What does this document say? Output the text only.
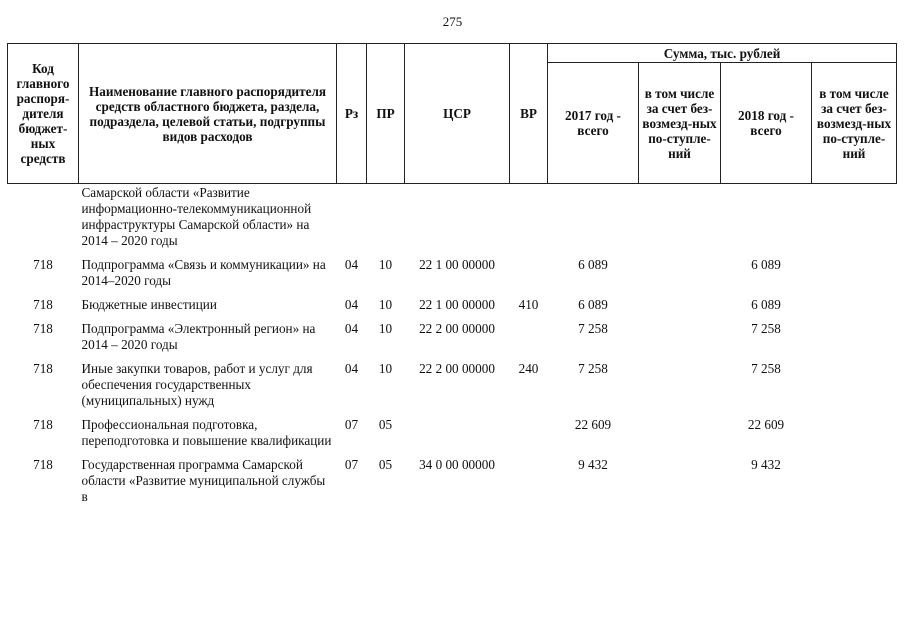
275
Код главного распоря-дителя бюджет-ных средств	Наименование главного распорядителя средств областного бюджета, раздела, подраздела, целевой статьи, подгруппы видов расходов	Рз	ПР	ЦСР	ВР	Сумма, тыс. рублей			
						2017 год - всего	в том числе за счет без-возмезд-ных по-ступле-ний	2018 год - всего	в том числе за счет без-возмезд-ных по-ступле-ний
	Самарской области «Развитие информационно-телекоммуникационной инфраструктуры Самарской области» на 2014 – 2020 годы								
718	Подпрограмма «Связь и коммуникации» на 2014–2020 годы	04	10	22 1 00 00000		6 089		6 089	
718	Бюджетные инвестиции	04	10	22 1 00 00000	410	6 089		6 089	
718	Подпрограмма «Электронный регион» на 2014 – 2020 годы	04	10	22 2 00 00000		7 258		7 258	
718	Иные закупки товаров, работ и услуг для обеспечения государственных (муниципальных) нужд	04	10	22 2 00 00000	240	7 258		7 258	
718	Профессиональная подготовка, переподготовка и повышение квалификации	07	05			22 609		22 609	
718	Государственная программа Самарской области «Развитие муниципальной службы в	07	05	34 0 00 00000		9 432		9 432	
